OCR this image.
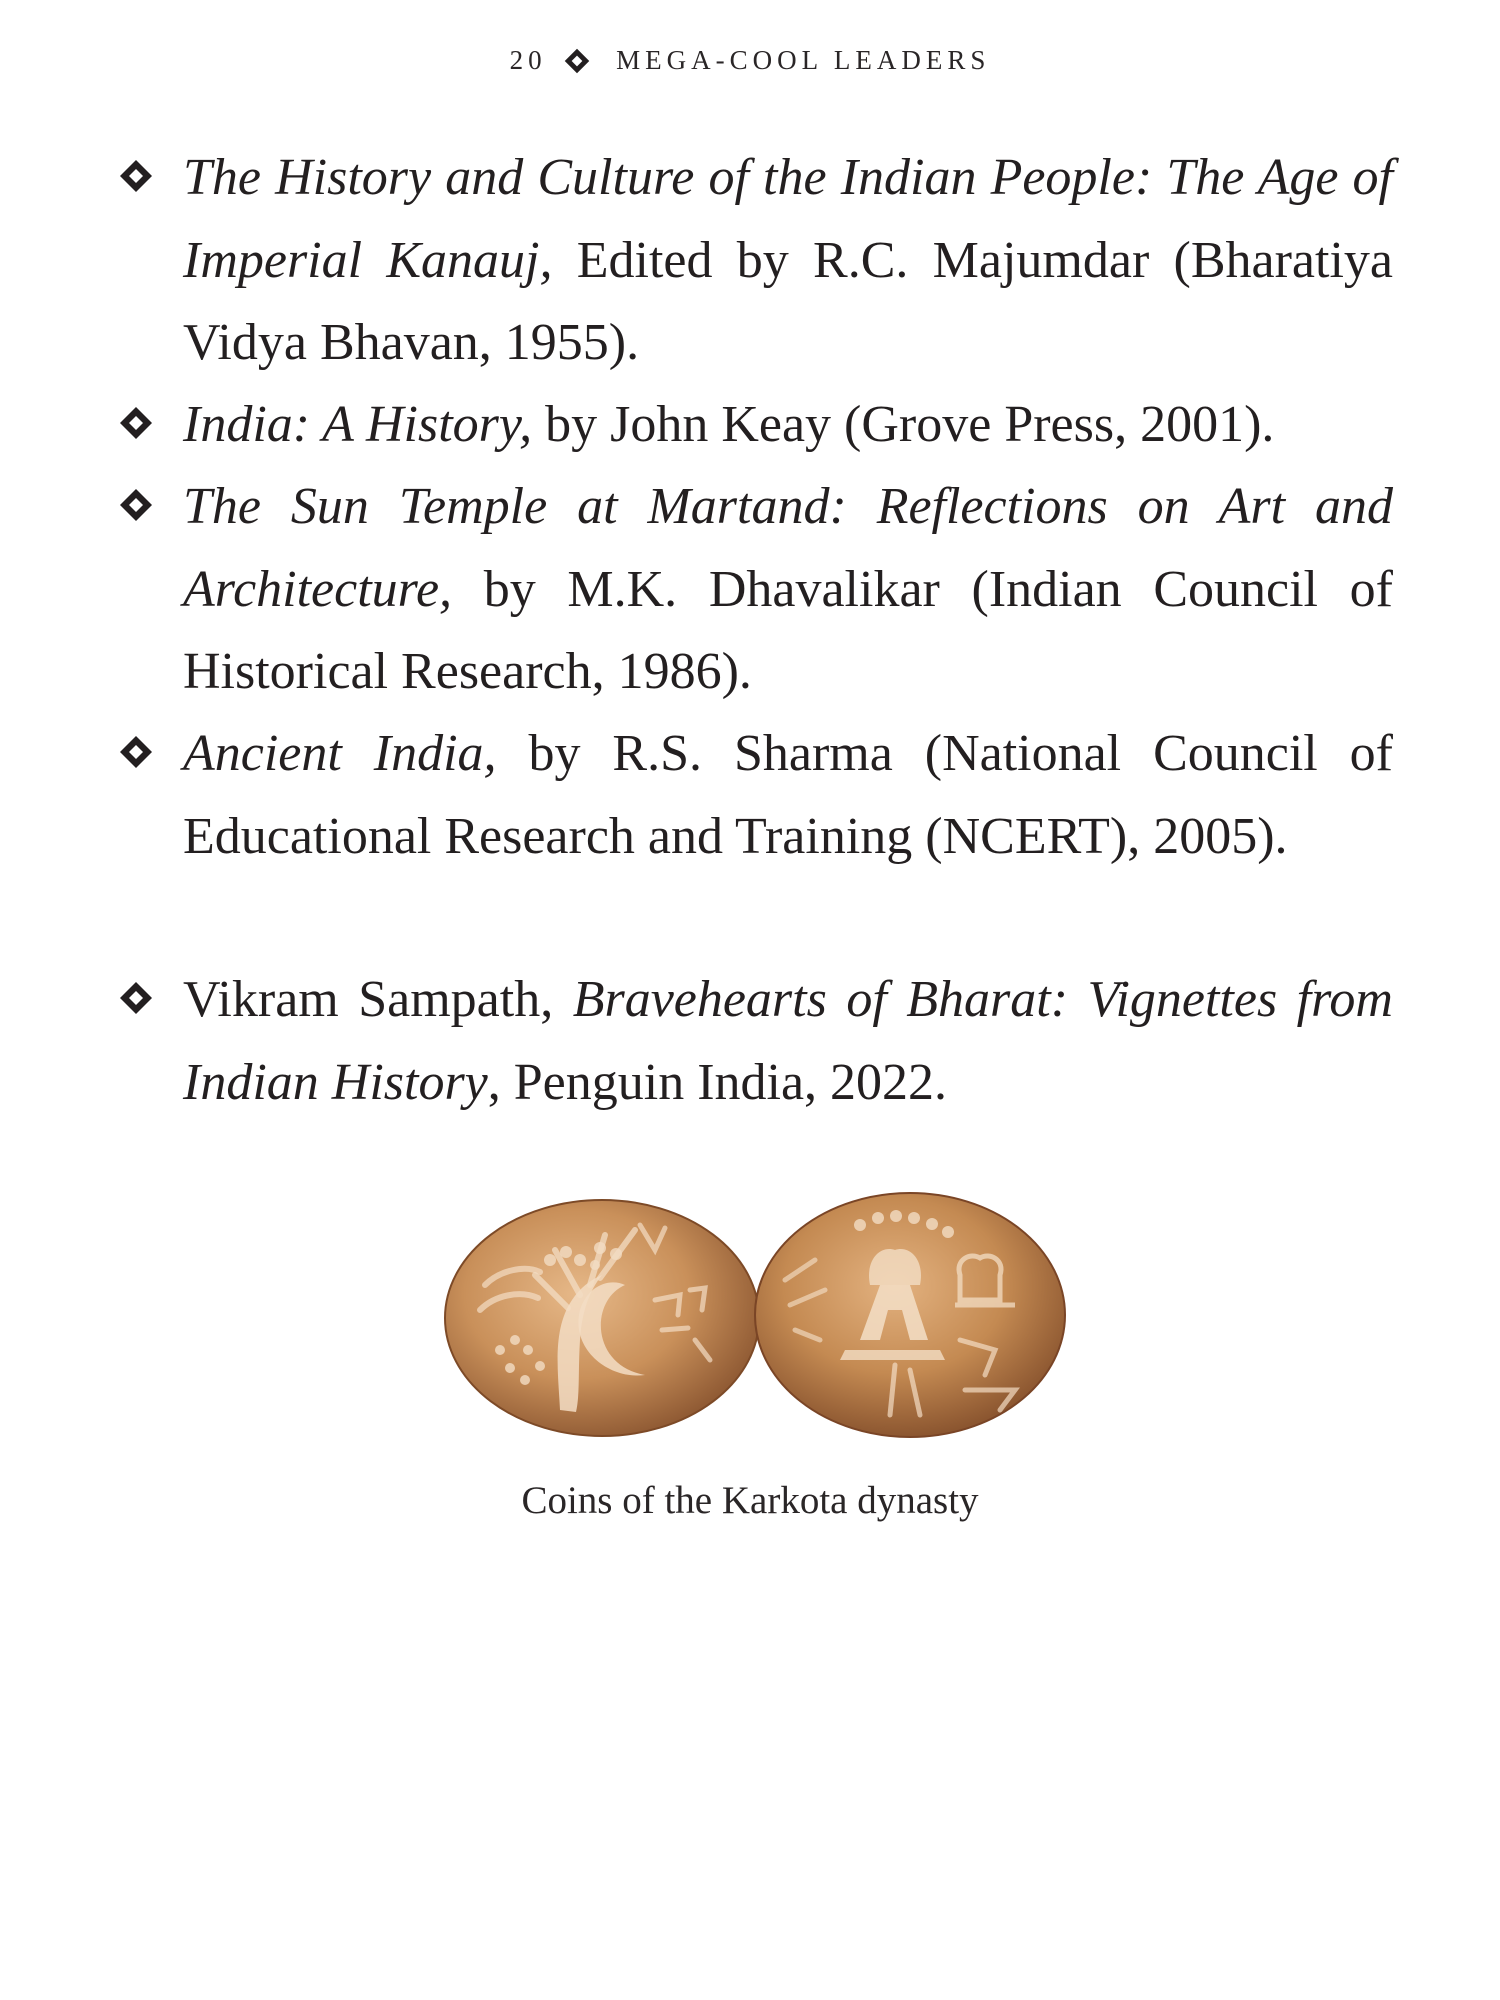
20	MEGA-COOL LEADERS
The History and Culture of the Indian People: The Age of Imperial Kanauj, Edited by R.C. Majumdar (Bharatiya Vidya Bhavan, 1955).
India: A History, by John Keay (Grove Press, 2001).
The Sun Temple at Martand: Reflections on Art and Architecture, by M.K. Dhavalikar (Indian Council of Historical Research, 1986).
Ancient India, by R.S. Sharma (National Council of Educational Research and Training (NCERT), 2005).
Vikram Sampath, Bravehearts of Bharat: Vignettes from Indian History, Penguin India, 2022.
Coins of the Karkota dynasty
